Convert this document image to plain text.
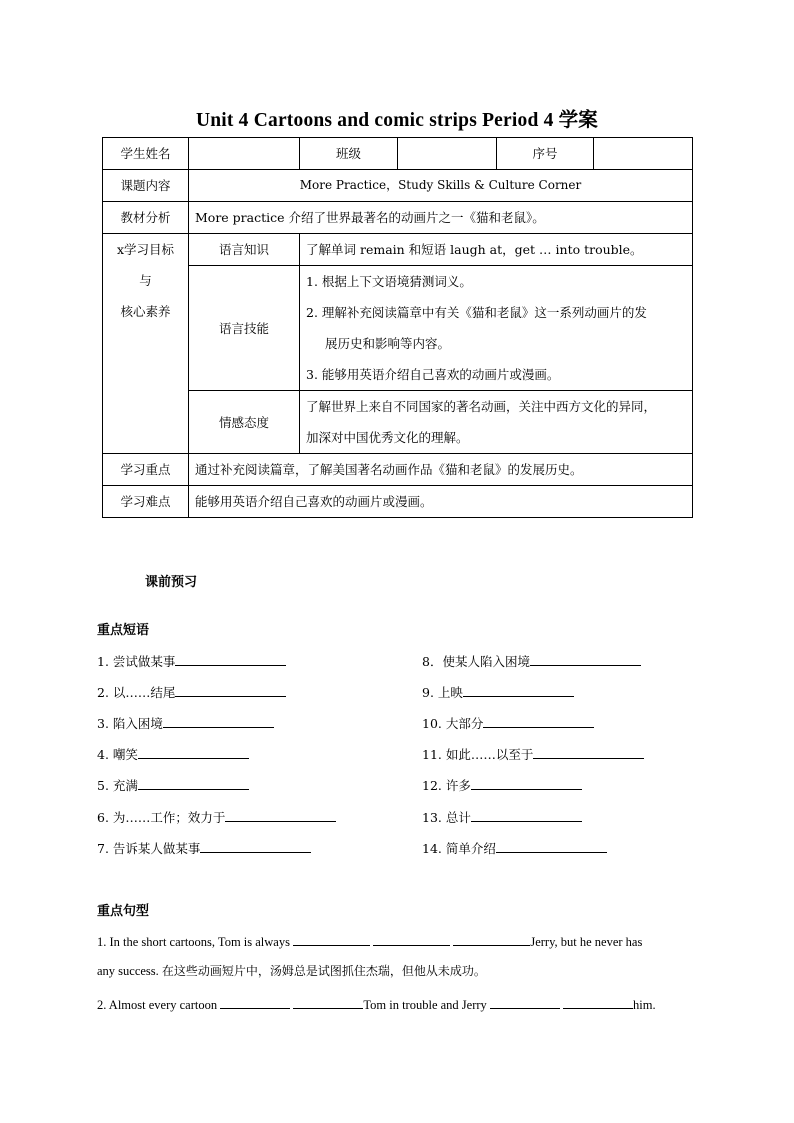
Unit 4 Cartoons and comic strips Period 4 学案
学生姓名		班级		序号	
课题内容	More Practice，Study Skills & Culture Corner				
教材分析	More practice 介绍了世界最著名的动画片之一《猫和老鼠》。				

x学习目标
与
核心素养	语言知识	了解单词 remain 和短语 laugh at，get … into trouble。			
	语言技能	1. 根据上下文语境猜测词义。
2. 理解补充阅读篇章中有关《猫和老鼠》这一系列动画片的发
展历史和影响等内容。
3. 能够用英语介绍自己喜欢的动画片或漫画。			

	情感态度	了解世界上来自不同国家的著名动画，关注中西方文化的异同，
加深对中国优秀文化的理解。			

学习重点	通过补充阅读篇章，了解美国著名动画作品《猫和老鼠》的发展历史。				
学习难点	能够用英语介绍自己喜欢的动画片或漫画。				
课前预习
重点短语
1. 尝试做某事
2. 以……结尾
3. 陷入困境
4. 嘲笑
5. 充满
6. 为……工作；效力于
7. 告诉某人做某事
8．使某人陷入困境
9. 上映
10. 大部分
11. 如此……以至于
12. 许多
13. 总计
14. 简单介绍
重点句型
1. In the short cartoons, Tom is always	Jerry, but he never has
any success. 在这些动画短片中，汤姆总是试图抓住杰瑞，但他从未成功。
2. Almost every cartoon	Tom in trouble and Jerry	him.
